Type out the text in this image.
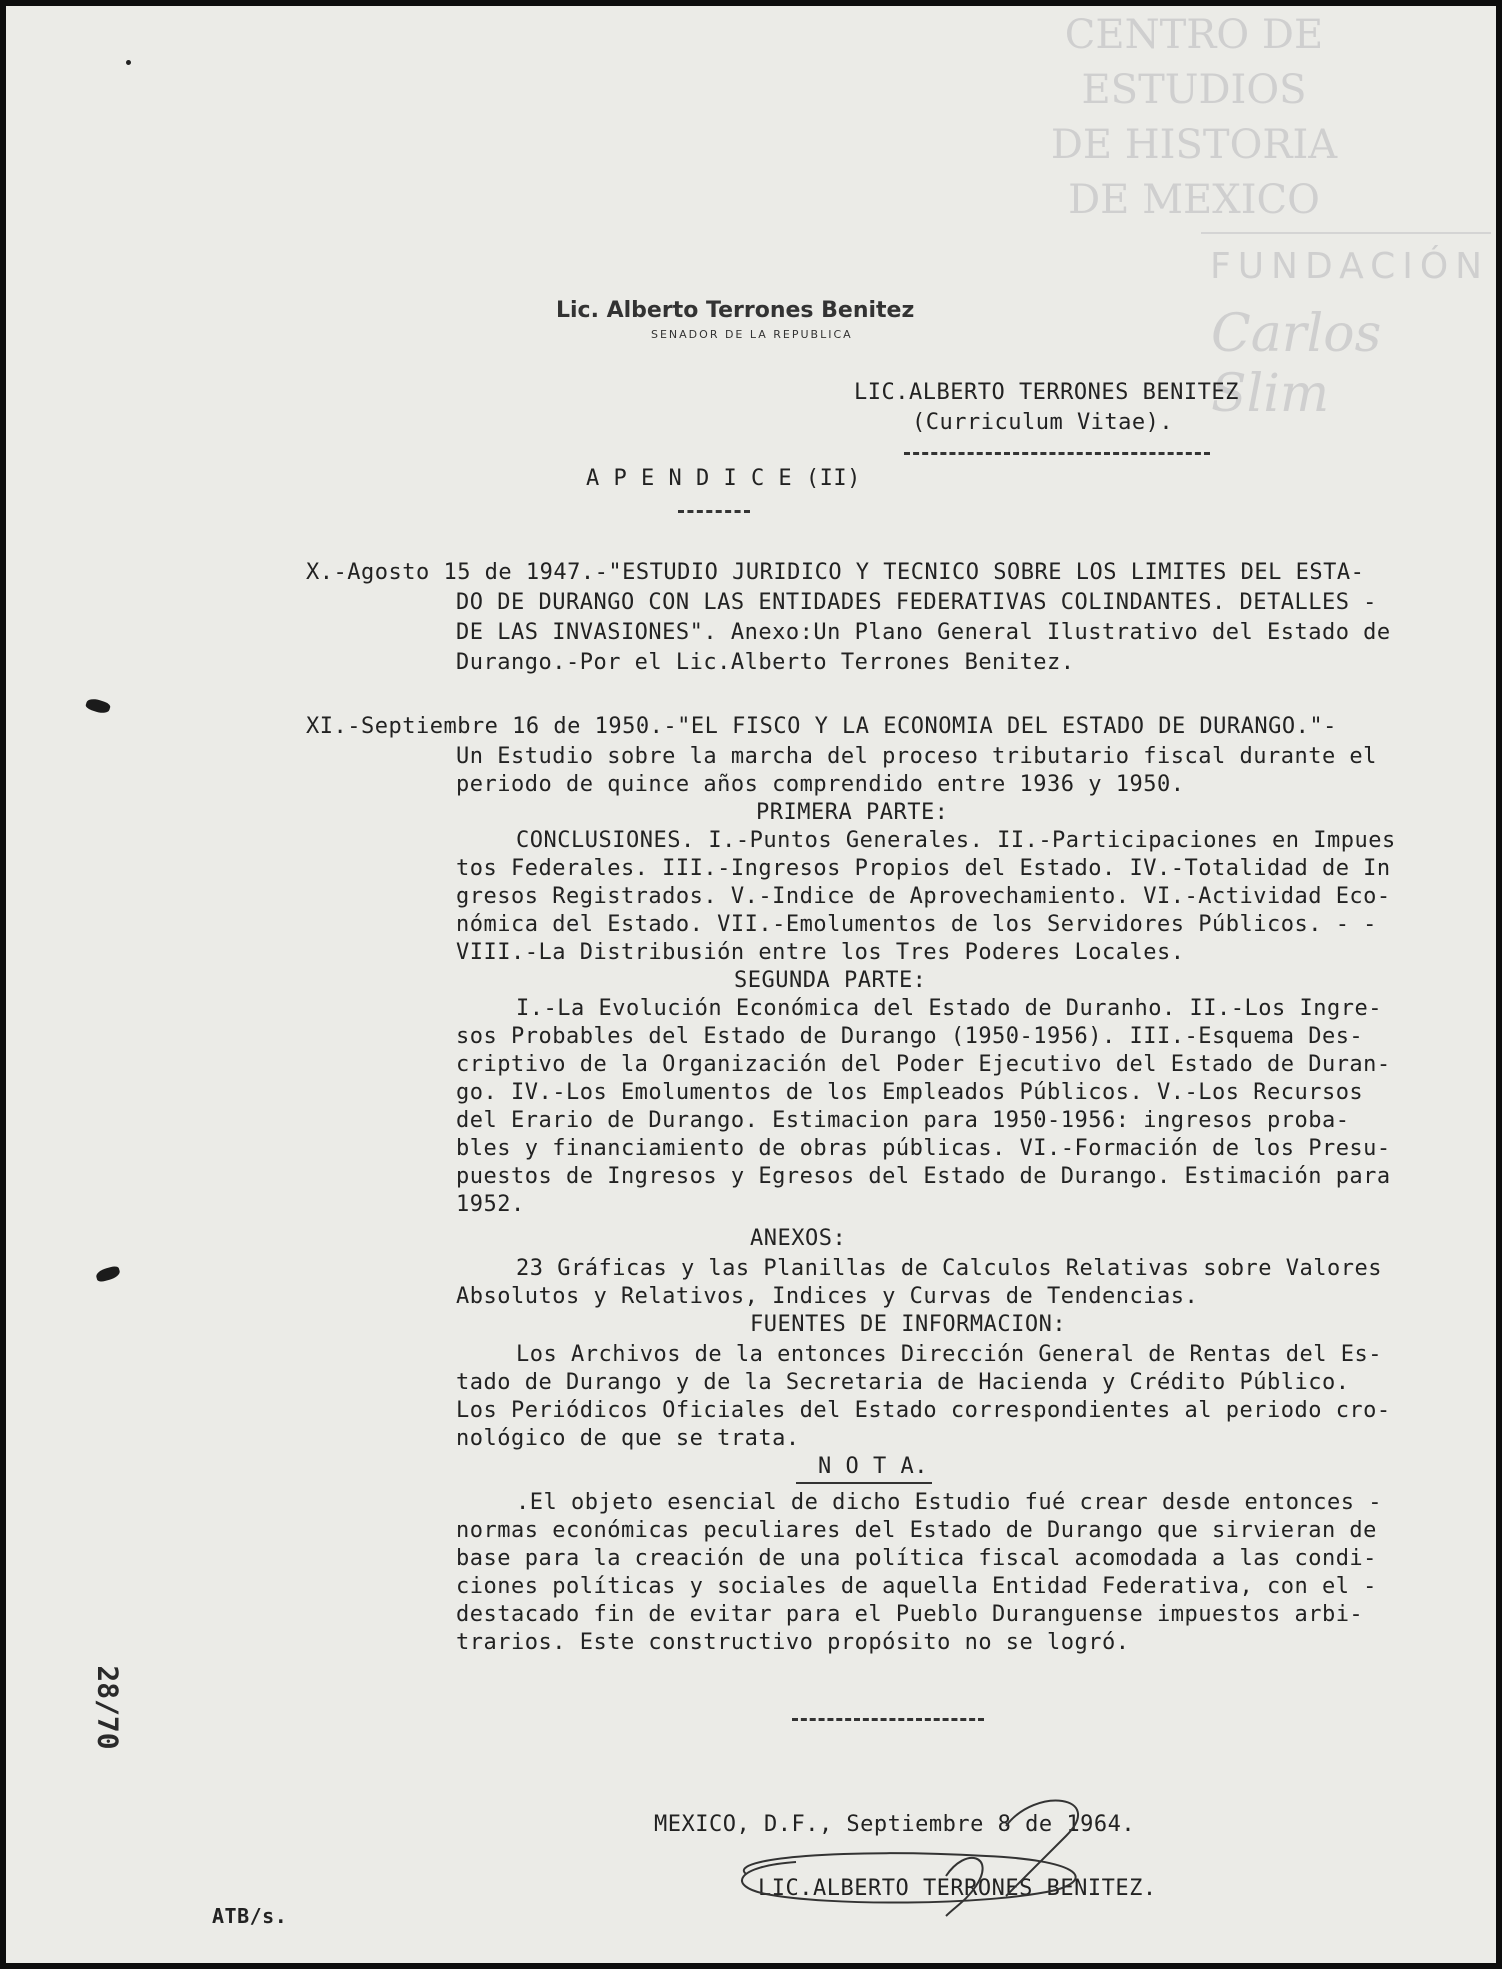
CENTRO DE
ESTUDIOS
DE HISTORIA
DE MEXICO
FUNDACIÓN
Carlos Slim
Lic. Alberto Terrones Benitez
SENADOR DE LA REPUBLICA
LIC.ALBERTO TERRONES BENITEZ
(Curriculum Vitae).
A P E N D I C E (II)
X.-Agosto 15 de 1947.-"ESTUDIO JURIDICO Y TECNICO SOBRE LOS LIMITES DEL ESTA-
DO DE DURANGO CON LAS ENTIDADES FEDERATIVAS COLINDANTES. DETALLES -
DE LAS INVASIONES". Anexo:Un Plano General Ilustrativo del Estado de
Durango.-Por el Lic.Alberto Terrones Benitez.
XI.-Septiembre 16 de 1950.-"EL FISCO Y LA ECONOMIA DEL ESTADO DE DURANGO."-
Un Estudio sobre la marcha del proceso tributario fiscal durante el
periodo de quince años comprendido entre 1936 y 1950.
PRIMERA PARTE:
CONCLUSIONES. I.-Puntos Generales. II.-Participaciones en Impues
tos Federales. III.-Ingresos Propios del Estado. IV.-Totalidad de In
gresos Registrados. V.-Indice de Aprovechamiento. VI.-Actividad Eco-
nómica del Estado. VII.-Emolumentos de los Servidores Públicos. - -
VIII.-La Distribusión entre los Tres Poderes Locales.
SEGUNDA PARTE:
I.-La Evolución Económica del Estado de Duranho. II.-Los Ingre-
sos Probables del Estado de Durango (1950-1956). III.-Esquema Des-
criptivo de la Organización del Poder Ejecutivo del Estado de Duran-
go. IV.-Los Emolumentos de los Empleados Públicos. V.-Los Recursos
del Erario de Durango. Estimacion para 1950-1956: ingresos proba-
bles y financiamiento de obras públicas. VI.-Formación de los Presu-
puestos de Ingresos y Egresos del Estado de Durango. Estimación para
1952.
ANEXOS:
23 Gráficas y las Planillas de Calculos Relativas sobre Valores
Absolutos y Relativos, Indices y Curvas de Tendencias.
FUENTES DE INFORMACION:
Los Archivos de la entonces Dirección General de Rentas del Es-
tado de Durango y de la Secretaria de Hacienda y Crédito Público.
Los Periódicos Oficiales del Estado correspondientes al periodo cro-
nológico de que se trata.
N O T A.
.El objeto esencial de dicho Estudio fué crear desde entonces -
normas económicas peculiares del Estado de Durango que sirvieran de
base para la creación de una política fiscal acomodada a las condi-
ciones políticas y sociales de aquella Entidad Federativa, con el -
destacado fin de evitar para el Pueblo Duranguense impuestos arbi-
trarios. Este constructivo propósito no se logró.
MEXICO, D.F., Septiembre 8 de 1964.
LIC.ALBERTO TERRONES BENITEZ.
ATB/s.
28/70
